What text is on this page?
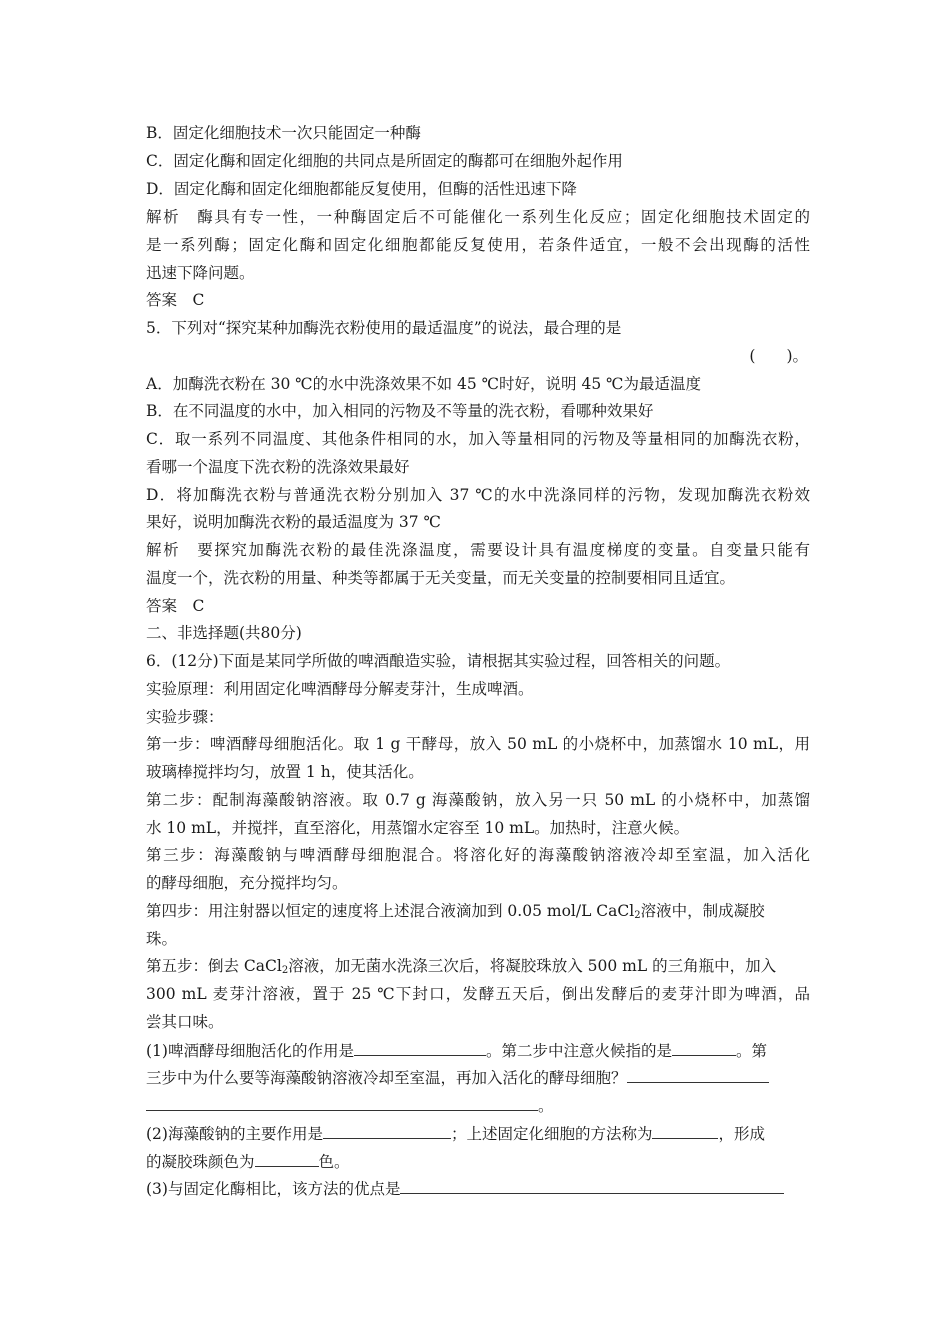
B．固定化细胞技术一次只能固定一种酶
C．固定化酶和固定化细胞的共同点是所固定的酶都可在细胞外起作用
D．固定化酶和固定化细胞都能反复使用，但酶的活性迅速下降
解析　酶具有专一性，一种酶固定后不可能催化一系列生化反应；固定化细胞技术固定的
是一系列酶；固定化酶和固定化细胞都能反复使用，若条件适宜，一般不会出现酶的活性
迅速下降问题。
答案　C
5．下列对“探究某种加酶洗衣粉使用的最适温度”的说法，最合理的是
(　　)。
A．加酶洗衣粉在 30 ℃的水中洗涤效果不如 45 ℃时好，说明 45 ℃为最适温度
B．在不同温度的水中，加入相同的污物及不等量的洗衣粉，看哪种效果好
C．取一系列不同温度、其他条件相同的水，加入等量相同的污物及等量相同的加酶洗衣粉，
看哪一个温度下洗衣粉的洗涤效果最好
D．将加酶洗衣粉与普通洗衣粉分别加入 37 ℃的水中洗涤同样的污物，发现加酶洗衣粉效
果好，说明加酶洗衣粉的最适温度为 37 ℃
解析　要探究加酶洗衣粉的最佳洗涤温度，需要设计具有温度梯度的变量。自变量只能有
温度一个，洗衣粉的用量、种类等都属于无关变量，而无关变量的控制要相同且适宜。
答案　C
二、非选择题(共80分)
6．(12分)下面是某同学所做的啤酒酿造实验，请根据其实验过程，回答相关的问题。
实验原理：利用固定化啤酒酵母分解麦芽汁，生成啤酒。
实验步骤：
第一步：啤酒酵母细胞活化。取 1 g 干酵母，放入 50 mL 的小烧杯中，加蒸馏水 10 mL，用
玻璃棒搅拌均匀，放置 1 h，使其活化。
第二步：配制海藻酸钠溶液。取 0.7 g 海藻酸钠，放入另一只 50 mL 的小烧杯中，加蒸馏
水 10 mL，并搅拌，直至溶化，用蒸馏水定容至 10 mL。加热时，注意火候。
第三步：海藻酸钠与啤酒酵母细胞混合。将溶化好的海藻酸钠溶液冷却至室温，加入活化
的酵母细胞，充分搅拌均匀。
第四步：用注射器以恒定的速度将上述混合液滴加到 0.05 mol/L CaCl$_2$溶液中，制成凝胶
珠。
第五步：倒去 CaCl$_2$溶液，加无菌水洗涤三次后，将凝胶珠放入 500 mL 的三角瓶中，加入
300 mL 麦芽汁溶液，置于 25 ℃下封口，发酵五天后，倒出发酵后的麦芽汁即为啤酒，品
尝其口味。
(1)啤酒酵母细胞活化的作用是	。第二步中注意火候指的是	。第
三步中为什么要等海藻酸钠溶液冷却至室温，再加入活化的酵母细胞？
。
(2)海藻酸钠的主要作用是	；上述固定化细胞的方法称为	，形成
的凝胶珠颜色为	色。
(3)与固定化酶相比，该方法的优点是
